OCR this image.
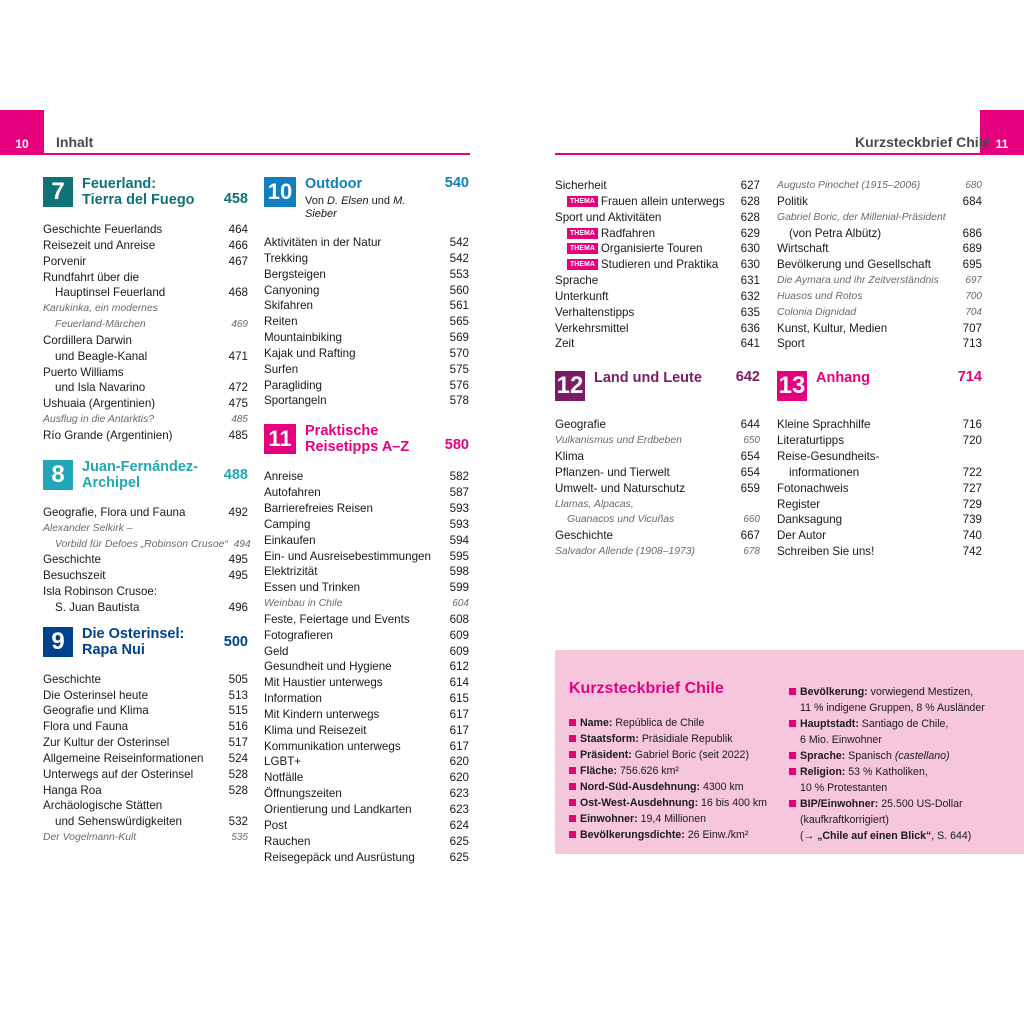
10 Inhalt	11
Kurzsteckbrief Chile
7 Feuerland:
Tierra del Fuego	458
Geschichte Feuerlands	464
Reisezeit und Anreise	466
Porvenir	467
Rundfahrt über die
Hauptinsel Feuerland	468
Karukinka, ein modernes
Feuerland-Märchen	469
Cordillera Darwin
und Beagle-Kanal	471
Puerto Williams
und Isla Navarino	472
Ushuaia (Argentinien)	475
Ausflug in die Antarktis?	485
Río Grande (Argentinien)	485
8 Juan-Fernández-
Archipel	488
Geografie, Flora und Fauna	492
Alexander Selkirk –
Vorbild für Defoes „Robinson Crusoe“ 494
Geschichte	495
Besuchszeit	495
Isla Robinson Crusoe:
S. Juan Bautista	496
9 Die Osterinsel:
Rapa Nui	500
Geschichte	505
Die Osterinsel heute	513
Geografie und Klima	515
Flora und Fauna	516
Zur Kultur der Osterinsel	517
Allgemeine Reiseinformationen 524
Unterwegs auf der Osterinsel	528
Hanga Roa	528
Archäologische Stätten
und Sehenswürdigkeiten	532
Der Vogelmann-Kult	535
10 Outdoor
Von D. Elsen und M. Sieber
540
Aktivitäten in der Natur	542
Trekking	542
Bergsteigen	553
Canyoning	560
Skifahren	561
Reiten	565
Mountainbiking	569
Kajak und Rafting	570
Surfen	575
Paragliding	576
Sportangeln	578
11 Praktische
Reisetipps A–Z	580
Anreise	582
Autofahren	587
Barrierefreies Reisen	593
Camping	593
Einkaufen	594
Ein- und Ausreisebestimmungen 595
Elektrizität	598
Essen und Trinken	599
Weinbau in Chile	604
Feste, Feiertage und Events	608
Fotografieren	609
Geld	609
Gesundheit und Hygiene	612
Mit Haustier unterwegs	614
Information	615
Mit Kindern unterwegs	617
Klima und Reisezeit	617
Kommunikation unterwegs	617
LGBT+	620
Notfälle	620
Öffnungszeiten	623
Orientierung und Landkarten	623
Post	624
Rauchen	625
Reisegepäck und Ausrüstung	625
Sicherheit	627
THEMA Frauen allein unterwegs 628
Sport und Aktivitäten	628
THEMA Radfahren	629
THEMA Organisierte Touren	630
THEMA Studieren und Praktika 630
Sprache	631
Unterkunft	632
Verhaltenstipps	635
Verkehrsmittel	636
Zeit	641
12 Land und Leute	642
Geografie	644
Vulkanismus und Erdbeben	650
Klima	654
Pflanzen- und Tierwelt	654
Umwelt- und Naturschutz	659
Llamas, Alpacas,
Guanacos und Vicuñas	660
Geschichte	667
Salvador Allende (1908–1973)	678
Augusto Pinochet (1915–2006)	680
Politik	684
Gabriel Boric, der Millenial-Präsident
(von Petra Albütz)	686
Wirtschaft	689
Bevölkerung und Gesellschaft	695
Die Aymara und ihr Zeitverständnis	697
Huasos und Rotos	700
Colonia Dignidad	704
Kunst, Kultur, Medien	707
Sport	713
13 Anhang	714
Kleine Sprachhilfe	716
Literaturtipps	720
Reise-Gesundheits-
informationen	722
Fotonachweis	727
Register	729
Danksagung	739
Der Autor	740
Schreiben Sie uns!	742
Kurzsteckbrief Chile
Name: República de Chile
Staatsform: Präsidiale Republik
Präsident: Gabriel Boric (seit 2022)
Fläche: 756.626 km²
Nord-Süd-Ausdehnung: 4300 km
Ost-West-Ausdehnung: 16 bis 400 km
Einwohner: 19,4 Millionen
Bevölkerungsdichte: 26 Einw./km²
Bevölkerung: vorwiegend Mestizen,
11 % indigene Gruppen, 8 % Ausländer
Hauptstadt: Santiago de Chile,
6 Mio. Einwohner
Sprache: Spanisch (castellano)
Religion: 53 % Katholiken,
10 % Protestanten
BIP/Einwohner: 25.500 US-Dollar
(kaufkraftkorrigiert)
(→ „Chile auf einen Blick“, S. 644)
